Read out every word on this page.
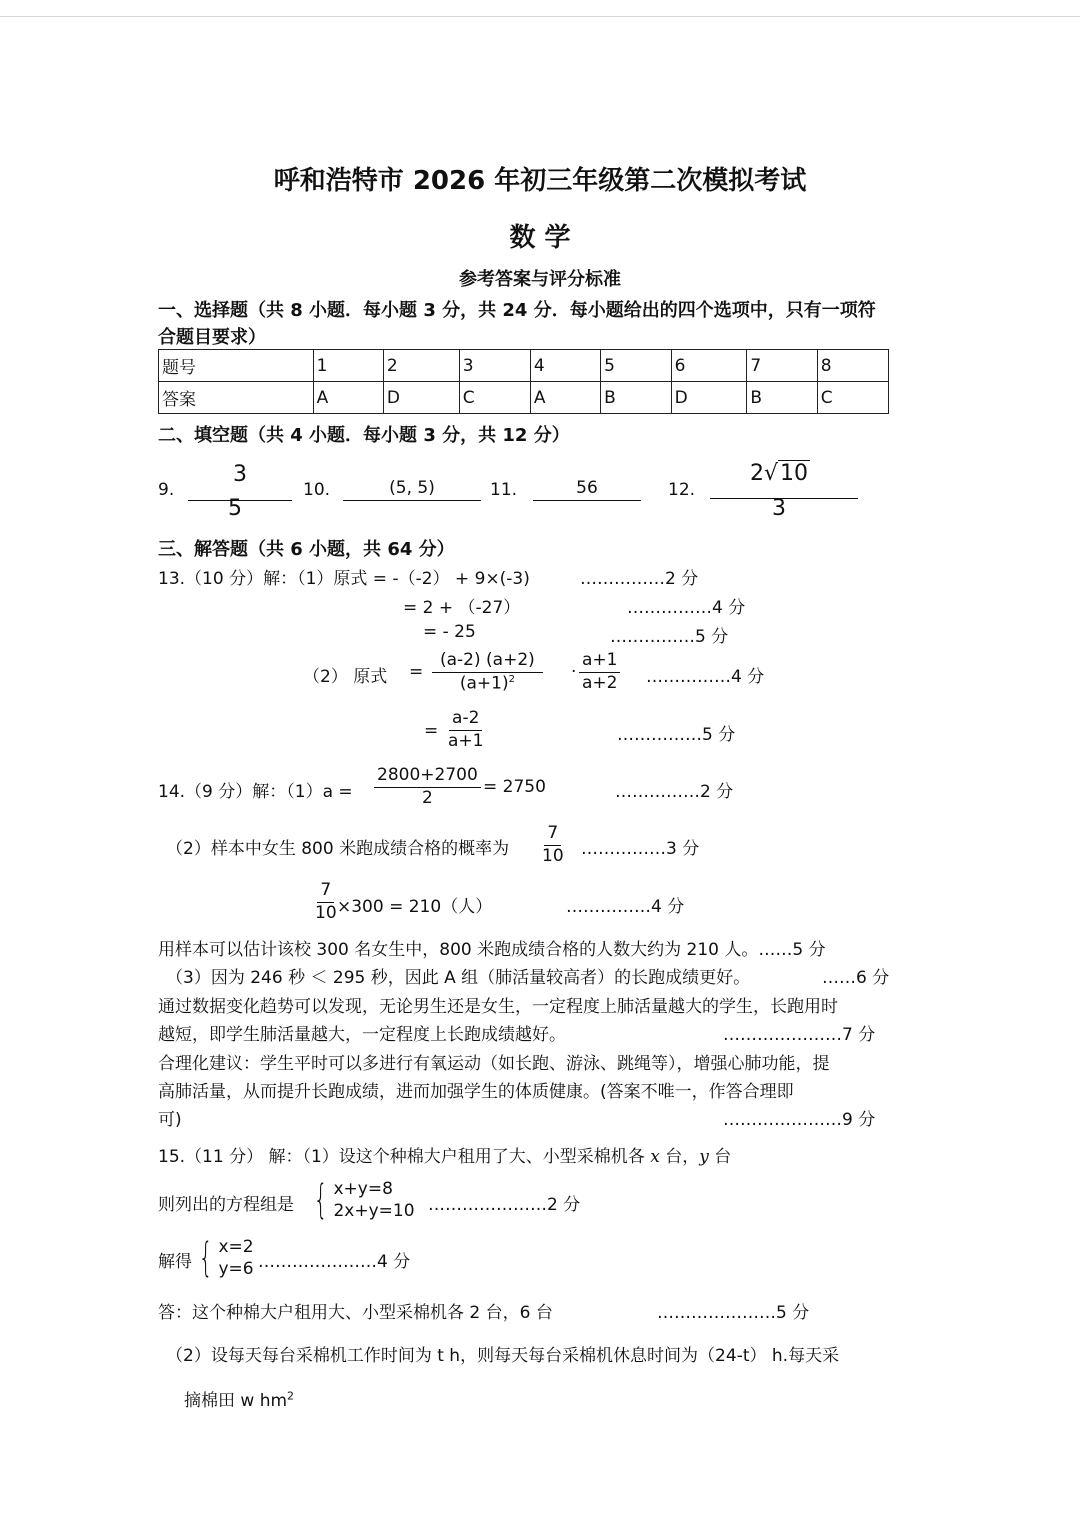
呼和浩特市 2026 年初三年级第二次模拟考试
数 学
参考答案与评分标准
一、选择题（共 8 小题．每小题 3 分，共 24 分．每小题给出的四个选项中，只有一项符
合题目要求）
题号	1	2	3	4	5	6	7	8
答案	A	D	C	A	B	D	B	C
二、填空题（共 4 小题．每小题 3 分，共 12 分）
9.
3
5
10.	(5, 5)	11.	56	12.
2√ 10
3
三、解答题（共 6 小题，共 64 分）
13.（10 分）解：（1）原式 = -（-2） + 9×(-3)	……………2 分
= 2 + （-27）	……………4 分
= - 25	……………5 分
（2） 原式 = $\frac{(a-2) (a+2)}{(a+1)^2} \cdot \frac{a+1}{a+2}$ ……………4 分
= $\frac{a-2}{a+1}$	……………5 分
14.（9 分）解：$(1)a = \frac{2800+2700}{2} = 2750$	……………2 分
（2）样本中女生 800 米跑成绩合格的概率为 $\frac{7}{10}$ ……………3 分
$\frac{7}{10}$
×300 = 210（人）	……………4 分
用样本可以估计该校 300 名女生中，800 米跑成绩合格的人数大约为 210 人。……5 分
（3）因为 246 秒 ＜ 295 秒，因此 A 组（肺活量较高者）的长跑成绩更好。	……6 分
通过数据变化趋势可以发现，无论男生还是女生，一定程度上肺活量越大的学生，长跑用时
越短，即学生肺活量越大，一定程度上长跑成绩越好。	…………………7 分
合理化建议：学生平时可以多进行有氧运动（如长跑、游泳、跳绳等），增强心肺功能，提
高肺活量，从而提升长跑成绩，进而加强学生的体质健康。(答案不唯一，作答合理即
可)	…………………9 分
15.（11 分） 解：（1）设这个种棉大户租用了大、小型采棉机各 x 台，y 台
则列出的方程组是 { x+y=8
2x+y=10 …………………2 分
解得 { x=2
y=6 …………………4 分
答：这个种棉大户租用大、小型采棉机各 2 台，6 台	…………………5 分
（2）设每天每台采棉机工作时间为 t h，则每天每台采棉机休息时间为（24-t） h.每天采
摘棉田 w $hm^2$
